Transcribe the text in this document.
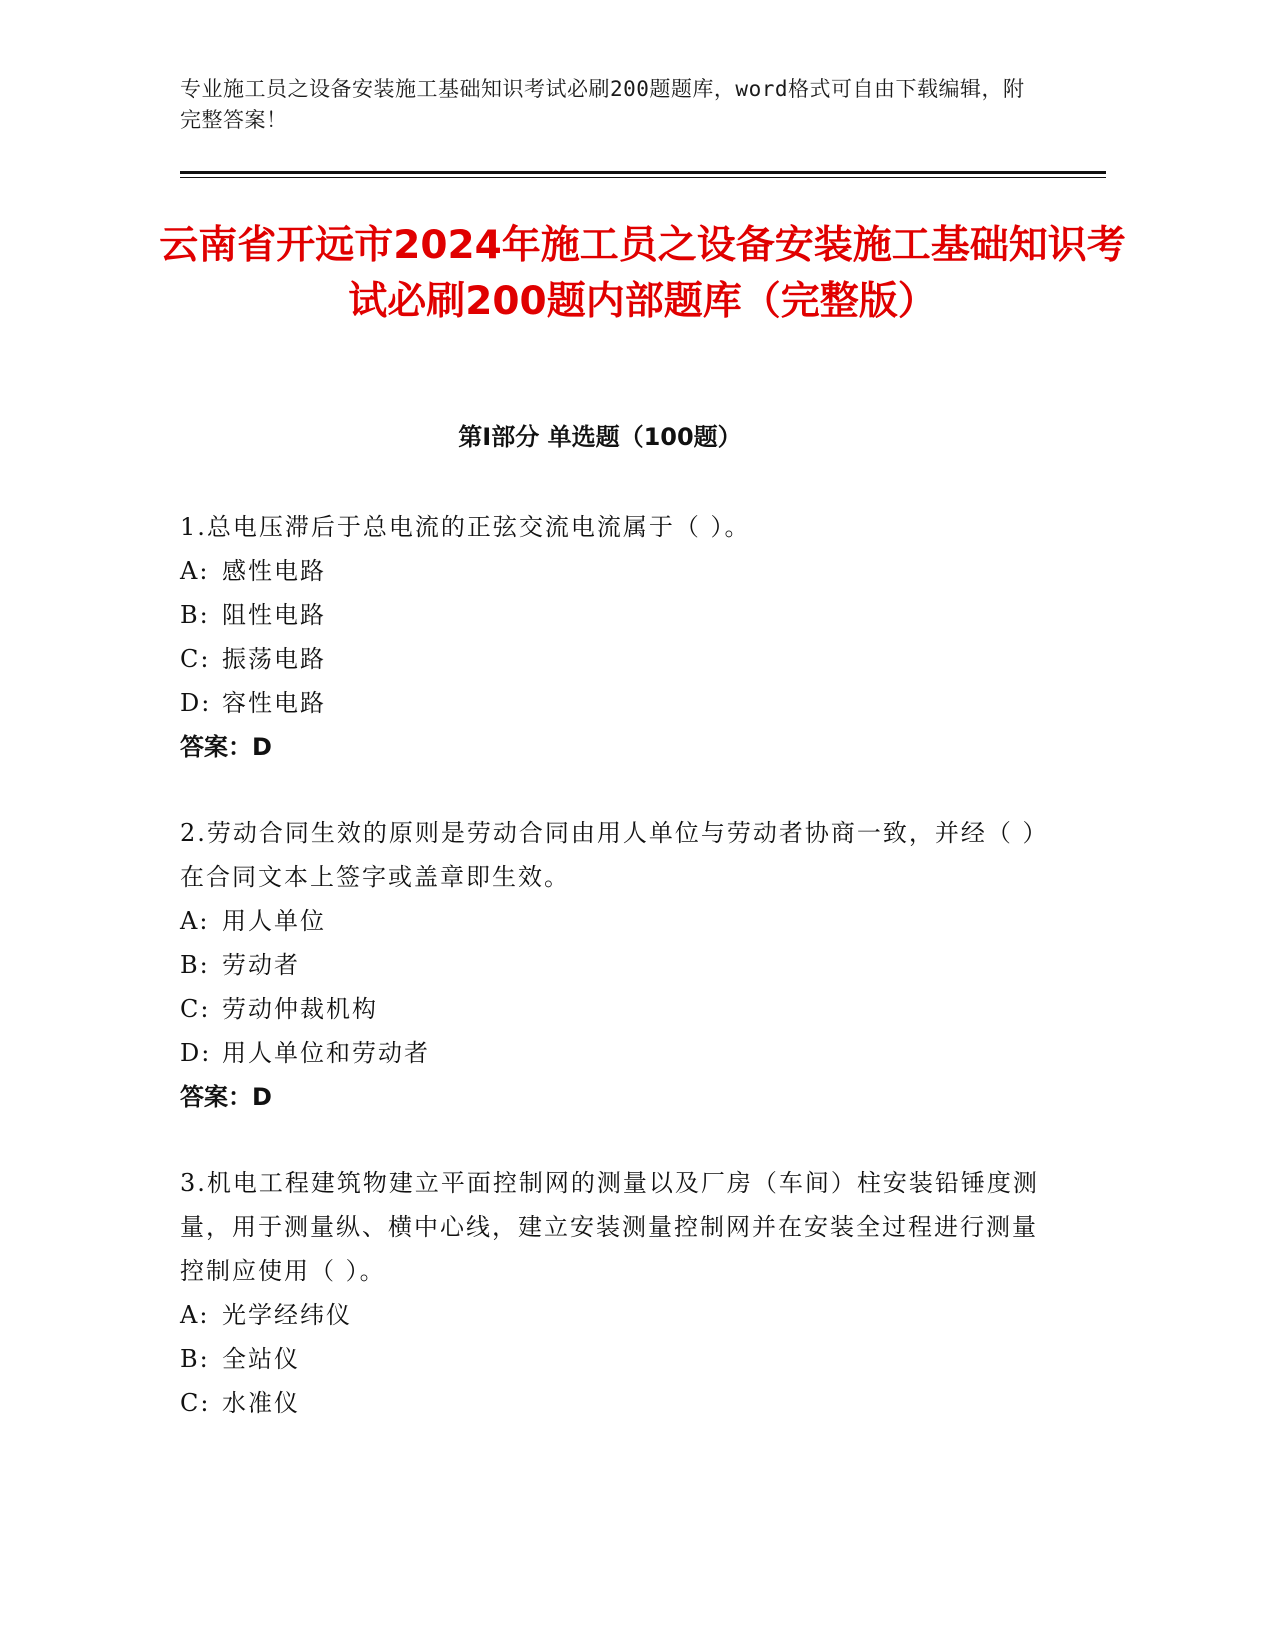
专业施工员之设备安装施工基础知识考试必刷200题题库，word格式可自由下载编辑，附完整答案！
云南省开远市2024年施工员之设备安装施工基础知识考试必刷200题内部题库（完整版）
第I部分 单选题（100题）

1.总电压滞后于总电流的正弦交流电流属于（ ）。

A: 感性电路
B: 阻性电路
C: 振荡电路
D: 容性电路
答案：D

2.劳动合同生效的原则是劳动合同由用人单位与劳动者协商一致，并经（ ）在合同文本上签字或盖章即生效。

A: 用人单位
B: 劳动者
C: 劳动仲裁机构
D: 用人单位和劳动者
答案：D

3.机电工程建筑物建立平面控制网的测量以及厂房（车间）柱安装铅锤度测量，用于测量纵、横中心线，建立安装测量控制网并在安装全过程进行测量控制应使用（ ）。

A: 光学经纬仪
B: 全站仪
C: 水准仪
